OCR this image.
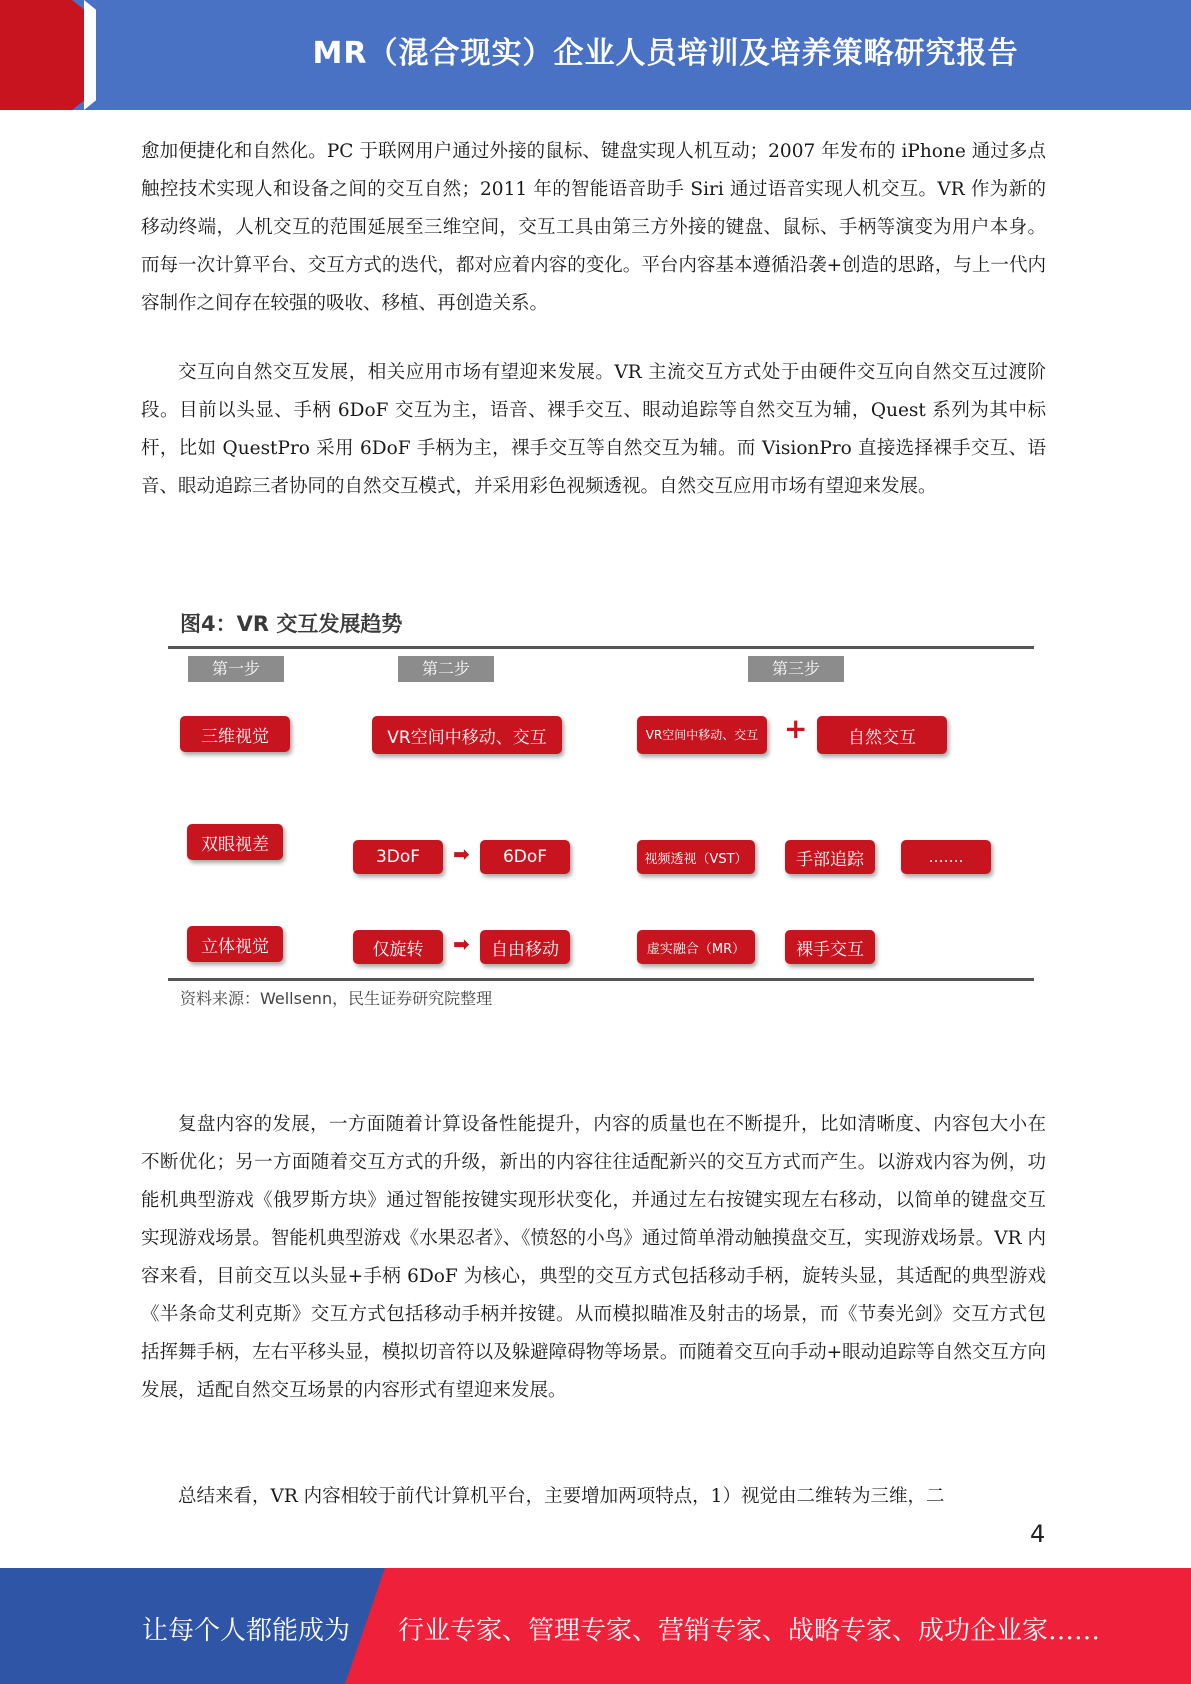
MR（混合现实）企业人员培训及培养策略研究报告

愈加便捷化和自然化。PC 于联网用户通过外接的鼠标、键盘实现人机互动；2007 年发布的 iPhone 通过多点触控技术实现人和设备之间的交互自然；2011 年的智能语音助手 Siri 通过语音实现人机交互。VR 作为新的移动终端，人机交互的范围延展至三维空间，交互工具由第三方外接的键盘、鼠标、手柄等演变为用户本身。而每一次计算平台、交互方式的迭代，都对应着内容的变化。平台内容基本遵循沿袭+创造的思路，与上一代内容制作之间存在较强的吸收、移植、再创造关系。

交互向自然交互发展，相关应用市场有望迎来发展。VR 主流交互方式处于由硬件交互向自然交互过渡阶段。目前以头显、手柄 6DoF 交互为主，语音、裸手交互、眼动追踪等自然交互为辅，Quest 系列为其中标杆，比如 QuestPro 采用 6DoF 手柄为主，裸手交互等自然交互为辅。而 VisionPro 直接选择裸手交互、语音、眼动追踪三者协同的自然交互模式，并采用彩色视频透视。自然交互应用市场有望迎来发展。

图4：VR 交互发展趋势
第一步	第二步	第三步
三维视觉
双眼视差
立体视觉
VR空间中移动、交互	VR空间中移动、交互 +	自然交互
3DoF	➡	6DoF	视频透视（VST）	手部追踪	…….
仅旋转	➡	自由移动	虚实融合（MR）	裸手交互
资料来源：Wellsenn，民生证券研究院整理

复盘内容的发展，一方面随着计算设备性能提升，内容的质量也在不断提升，比如清晰度、内容包大小在不断优化；另一方面随着交互方式的升级，新出的内容往往适配新兴的交互方式而产生。以游戏内容为例，功能机典型游戏《俄罗斯方块》通过智能按键实现形状变化，并通过左右按键实现左右移动，以简单的键盘交互实现游戏场景。智能机典型游戏《水果忍者》、《愤怒的小鸟》通过简单滑动触摸盘交互，实现游戏场景。VR 内容来看，目前交互以头显+手柄 6DoF 为核心，典型的交互方式包括移动手柄，旋转头显，其适配的典型游戏《半条命艾利克斯》交互方式包括移动手柄并按键。从而模拟瞄准及射击的场景，而《节奏光剑》交互方式包括挥舞手柄，左右平移头显，模拟切音符以及躲避障碍物等场景。而随着交互向手动+眼动追踪等自然交互方向发展，适配自然交互场景的内容形式有望迎来发展。

总结来看，VR 内容相较于前代计算机平台，主要增加两项特点，1）视觉由二维转为三维，二

4
让每个人都能成为 行业专家、管理专家、营销专家、战略专家、成功企业家……
